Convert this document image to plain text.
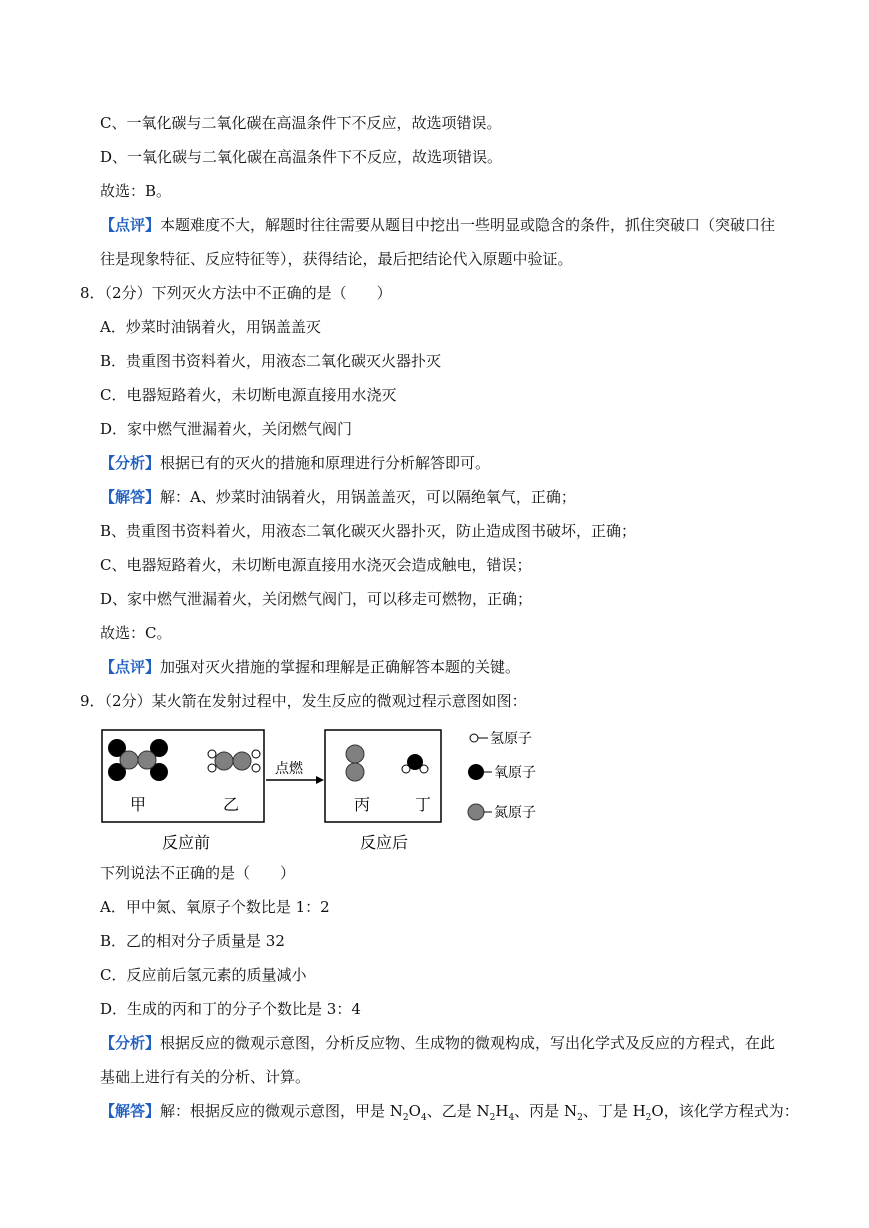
C、一氧化碳与二氧化碳在高温条件下不反应，故选项错误。
D、一氧化碳与二氧化碳在高温条件下不反应，故选项错误。
故选：B。
【点评】本题难度不大，解题时往往需要从题目中挖出一些明显或隐含的条件，抓住突破口（突破口往
往是现象特征、反应特征等），获得结论，最后把结论代入原题中验证。
8．（2分）下列灭火方法中不正确的是（　　）
A．炒菜时油锅着火，用锅盖盖灭
B．贵重图书资料着火，用液态二氧化碳灭火器扑灭
C．电器短路着火，未切断电源直接用水浇灭
D．家中燃气泄漏着火，关闭燃气阀门
【分析】根据已有的灭火的措施和原理进行分析解答即可。
【解答】解：A、炒菜时油锅着火，用锅盖盖灭，可以隔绝氧气，正确；
B、贵重图书资料着火，用液态二氧化碳灭火器扑灭，防止造成图书破坏，正确；
C、电器短路着火，未切断电源直接用水浇灭会造成触电，错误；
D、家中燃气泄漏着火，关闭燃气阀门，可以移走可燃物，正确；
故选：C。
【点评】加强对灭火措施的掌握和理解是正确解答本题的关键。
9．（2分）某火箭在发射过程中，发生反应的微观过程示意图如图：
甲	乙
点燃
丙	丁
反应前	反应后
氢原子
氧原子
氮原子
下列说法不正确的是（　　）
A．甲中氮、氧原子个数比是 1：2
B．乙的相对分子质量是 32
C．反应前后氢元素的质量减小
D．生成的丙和丁的分子个数比是 3：4
【分析】根据反应的微观示意图，分析反应物、生成物的微观构成，写出化学式及反应的方程式，在此
基础上进行有关的分析、计算。
【解答】解：根据反应的微观示意图，甲是 $N_2O_4$、乙是 $N_2H_4$、丙是 $N_2$、丁是 $H_2O$，该化学方程式为：
